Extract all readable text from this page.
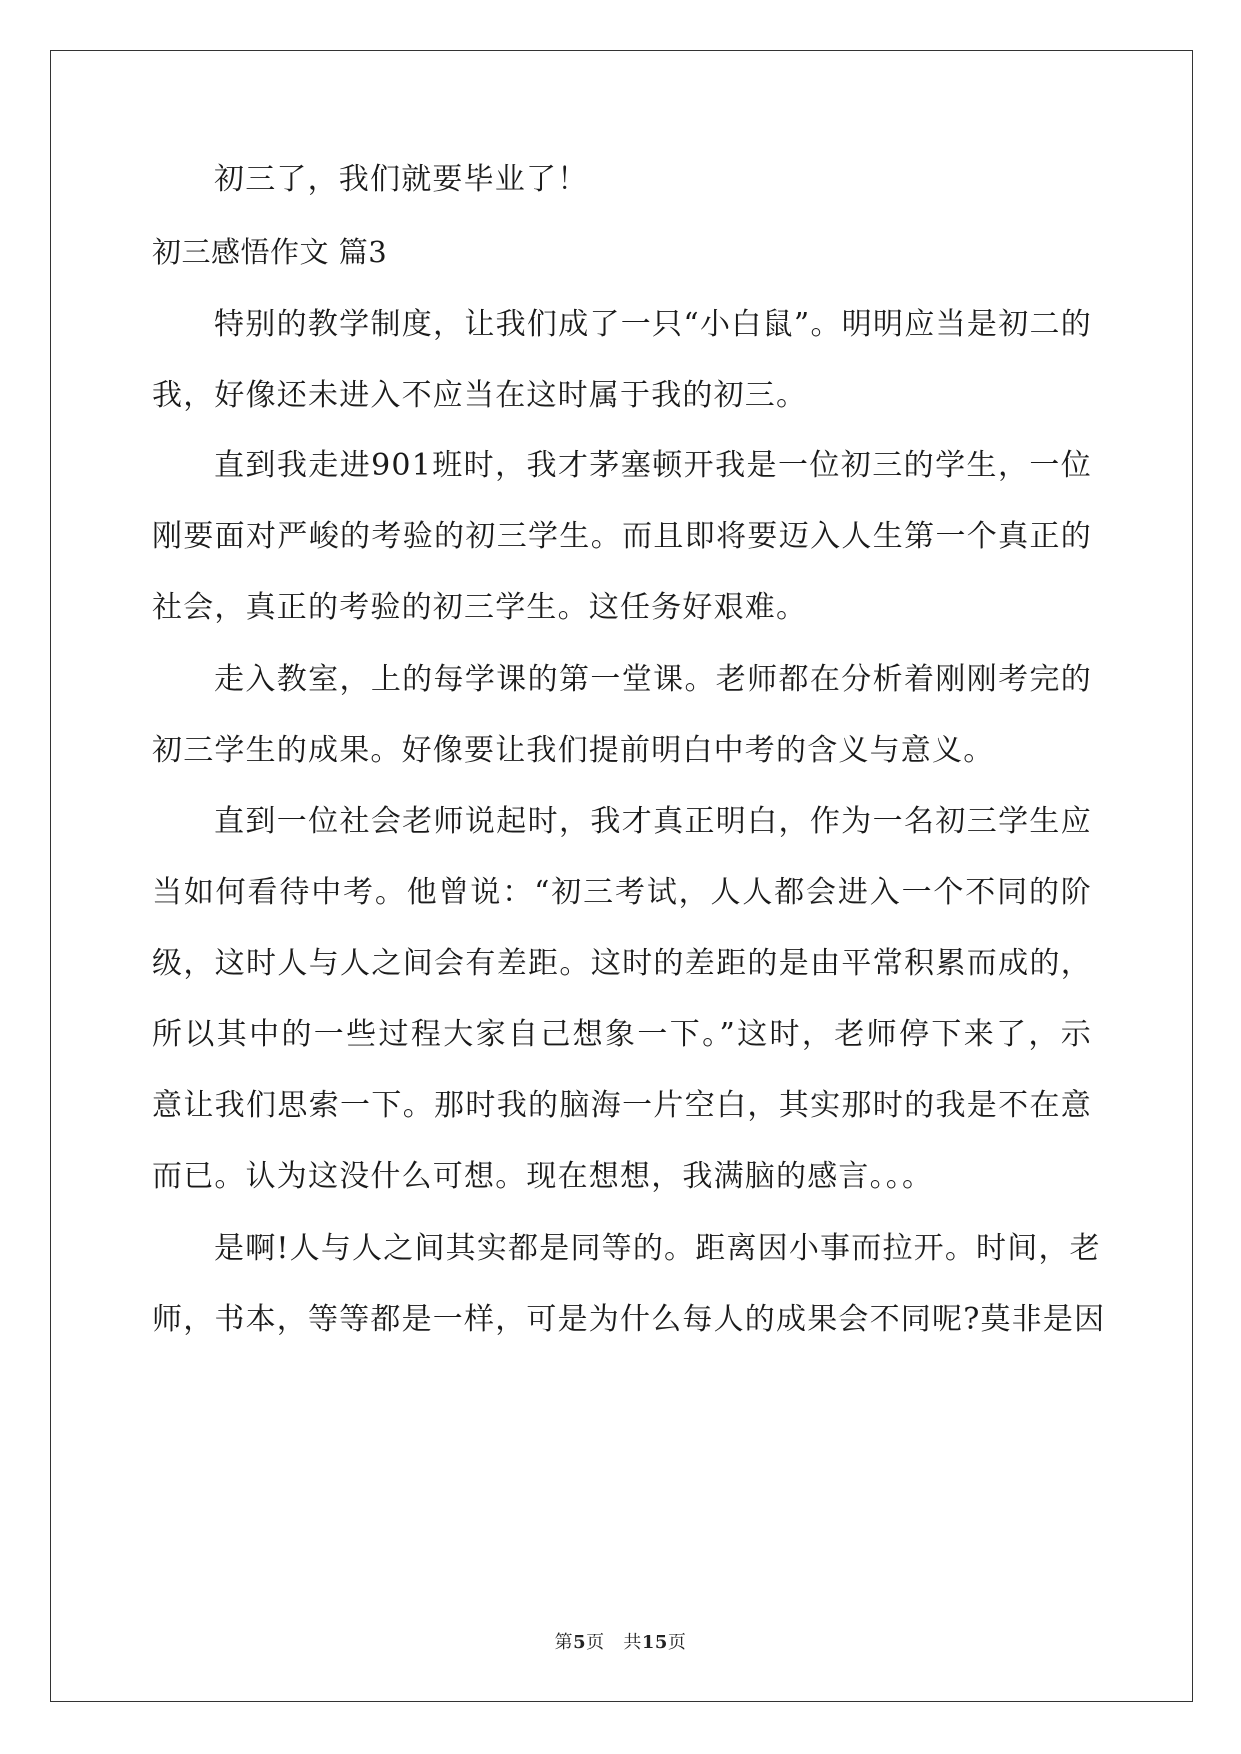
初三了，我们就要毕业了！
初三感悟作文 篇3
特别的教学制度，让我们成了一只“小白鼠”。明明应当是初二的
我，好像还未进入不应当在这时属于我的初三。
直到我走进901班时，我才茅塞顿开我是一位初三的学生，一位
刚要面对严峻的考验的初三学生。而且即将要迈入人生第一个真正的
社会，真正的考验的初三学生。这任务好艰难。
走入教室，上的每学课的第一堂课。老师都在分析着刚刚考完的
初三学生的成果。好像要让我们提前明白中考的含义与意义。
直到一位社会老师说起时，我才真正明白，作为一名初三学生应
当如何看待中考。他曾说：“初三考试，人人都会进入一个不同的阶
级，这时人与人之间会有差距。这时的差距的是由平常积累而成的，
所以其中的一些过程大家自己想象一下。”这时，老师停下来了，示
意让我们思索一下。那时我的脑海一片空白，其实那时的我是不在意
而已。认为这没什么可想。现在想想，我满脑的感言。。。
是啊!人与人之间其实都是同等的。距离因小事而拉开。时间，老
师，书本，等等都是一样，可是为什么每人的成果会不同呢?莫非是因
第5页 共15页
